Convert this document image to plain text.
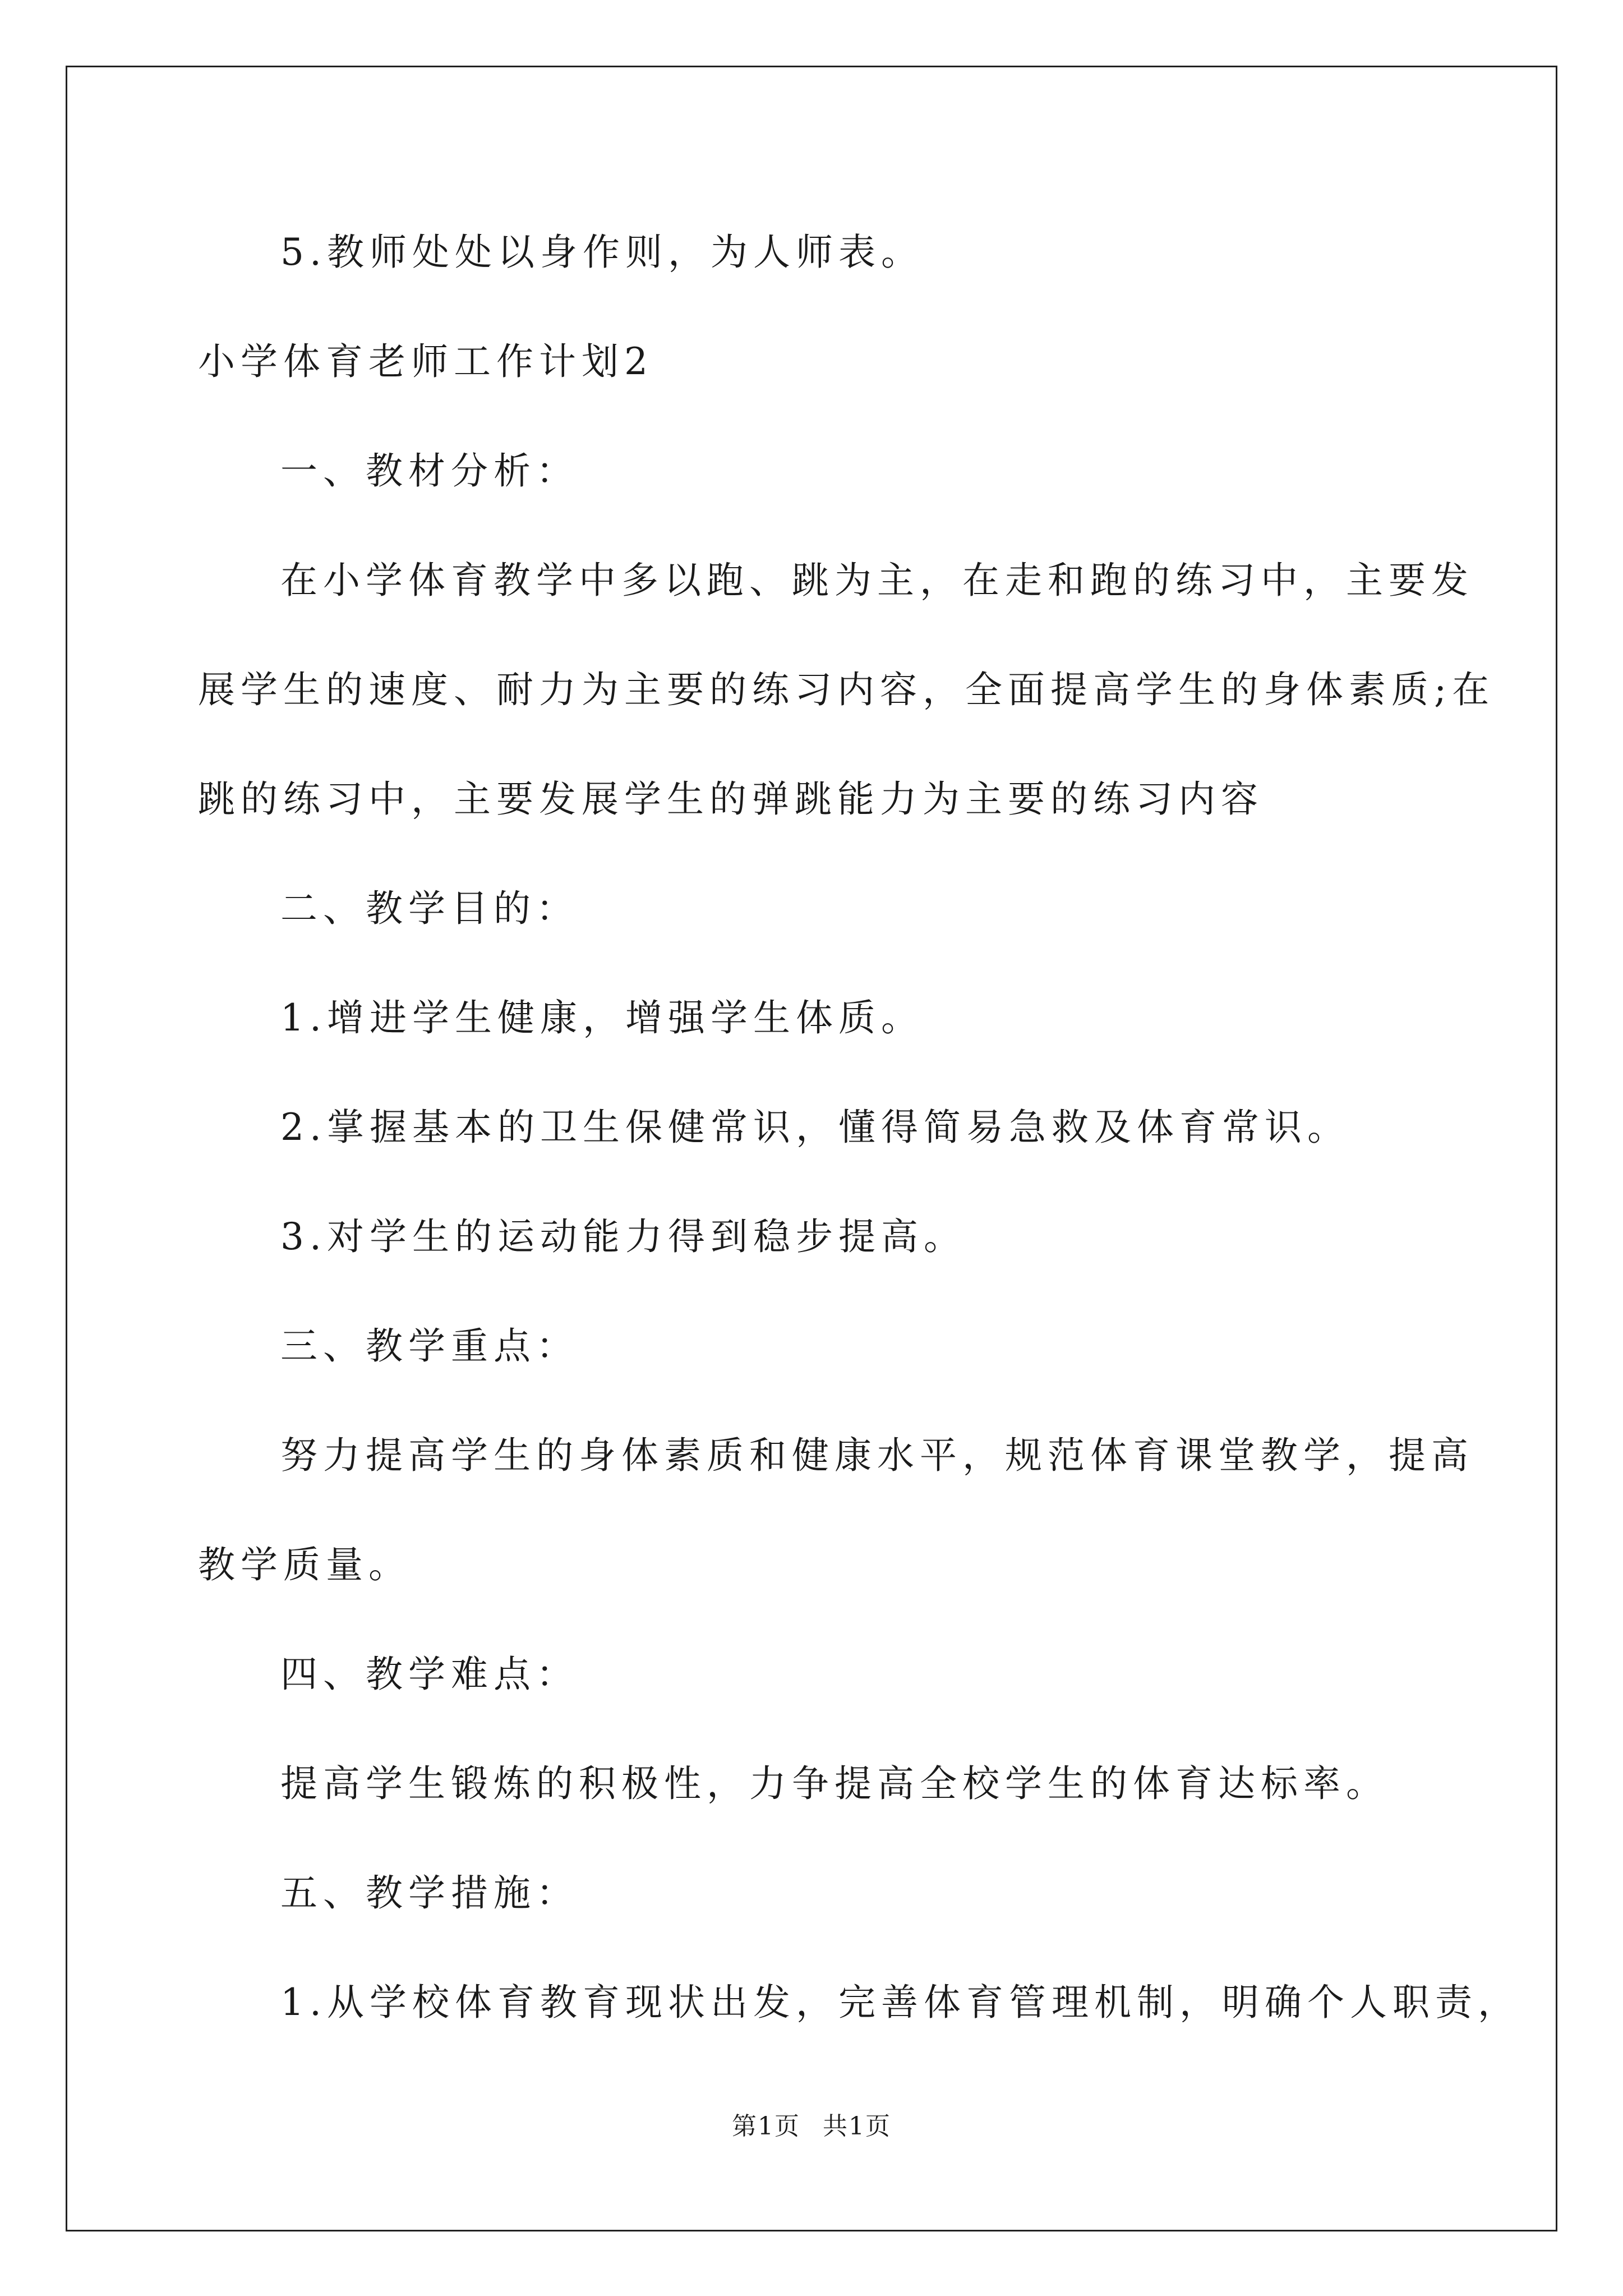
5.教师处处以身作则，为人师表。
小学体育老师工作计划2
一、教材分析：
在小学体育教学中多以跑、跳为主，在走和跑的练习中，主要发
展学生的速度、耐力为主要的练习内容，全面提高学生的身体素质;在
跳的练习中，主要发展学生的弹跳能力为主要的练习内容
二、教学目的：
1.增进学生健康，增强学生体质。
2.掌握基本的卫生保健常识，懂得简易急救及体育常识。
3.对学生的运动能力得到稳步提高。
三、教学重点：
努力提高学生的身体素质和健康水平，规范体育课堂教学，提高
教学质量。
四、教学难点：
提高学生锻炼的积极性，力争提高全校学生的体育达标率。
五、教学措施：
1.从学校体育教育现状出发，完善体育管理机制，明确个人职责，
第1页 共1页
